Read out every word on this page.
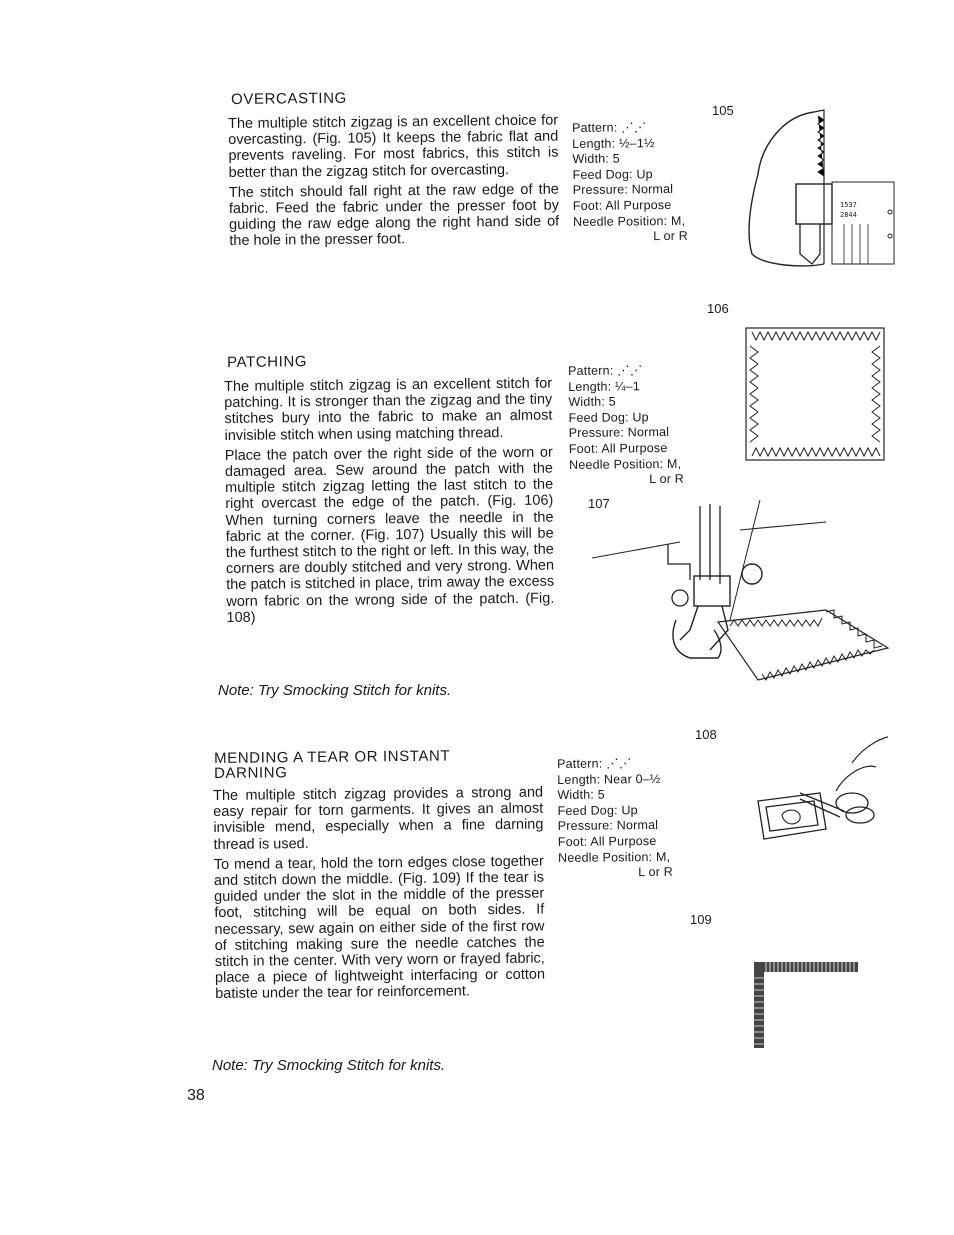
OVERCASTING

The multiple stitch zigzag is an excellent choice for overcasting. (Fig. 105) It keeps the fabric flat and prevents raveling. For most fabrics, this stitch is better than the zigzag stitch for overcasting.

The stitch should fall right at the raw edge of the fabric. Feed the fabric under the presser foot by guiding the raw edge along the right hand side of the hole in the presser foot.

Pattern: ⋰⋰
Length: ½–1½
Width: 5
Feed Dog: Up
Pressure: Normal
Foot: All Purpose
Needle Position: M,
L or R
105
1537
2844
106
PATCHING

The multiple stitch zigzag is an excellent stitch for patching. It is stronger than the zigzag and the tiny stitches bury into the fabric to make an almost invisible stitch when using matching thread.

Place the patch over the right side of the worn or damaged area. Sew around the patch with the multiple stitch zigzag letting the last stitch to the right overcast the edge of the patch. (Fig. 106) When turning corners leave the needle in the fabric at the corner. (Fig. 107) Usually this will be the furthest stitch to the right or left. In this way, the corners are doubly stitched and very strong. When the patch is stitched in place, trim away the excess worn fabric on the wrong side of the patch. (Fig. 108)

Note: Try Smocking Stitch for knits.
Pattern: ⋰⋰
Length: ¼–1
Width: 5
Feed Dog: Up
Pressure: Normal
Foot: All Purpose
Needle Position: M,
L or R
107
108
MENDING A TEAR OR INSTANT
DARNING

The multiple stitch zigzag provides a strong and easy repair for torn garments. It gives an almost invisible mend, especially when a fine darning thread is used.

To mend a tear, hold the torn edges close together and stitch down the middle. (Fig. 109) If the tear is guided under the slot in the middle of the presser foot, stitching will be equal on both sides. If necessary, sew again on either side of the first row of stitching making sure the needle catches the stitch in the center. With very worn or frayed fabric, place a piece of lightweight interfacing or cotton batiste under the tear for reinforcement.

Note: Try Smocking Stitch for knits.
Pattern: ⋰⋰
Length: Near 0–½
Width: 5
Feed Dog: Up
Pressure: Normal
Foot: All Purpose
Needle Position: M,
L or R
109
38
